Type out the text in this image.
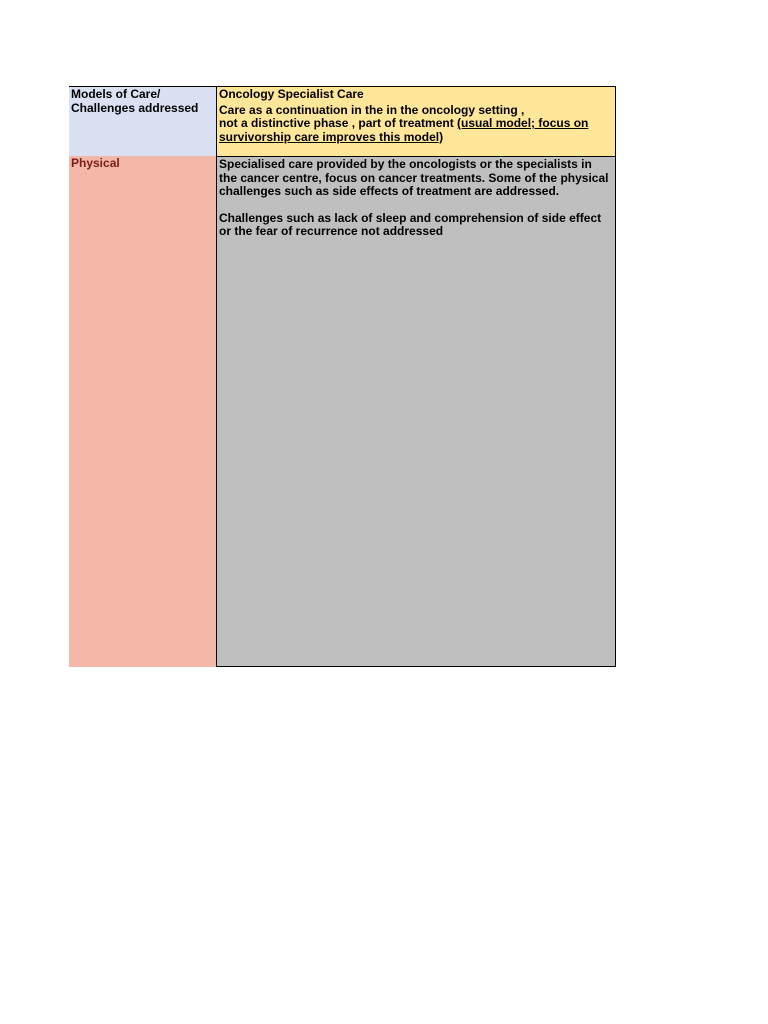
Models of Care/
Challenges addressed
Oncology Specialist Care
Care as a continuation in the in the oncology setting ,
not a distinctive phase , part of treatment (usual model; focus on survivorship care improves this model)
Physical	Specialised care provided by the oncologists or the specialists in the cancer centre, focus on cancer treatments. Some of the physical challenges such as side effects of treatment are addressed.
Challenges such as lack of sleep and comprehension of side effect or the fear of recurrence not addressed
